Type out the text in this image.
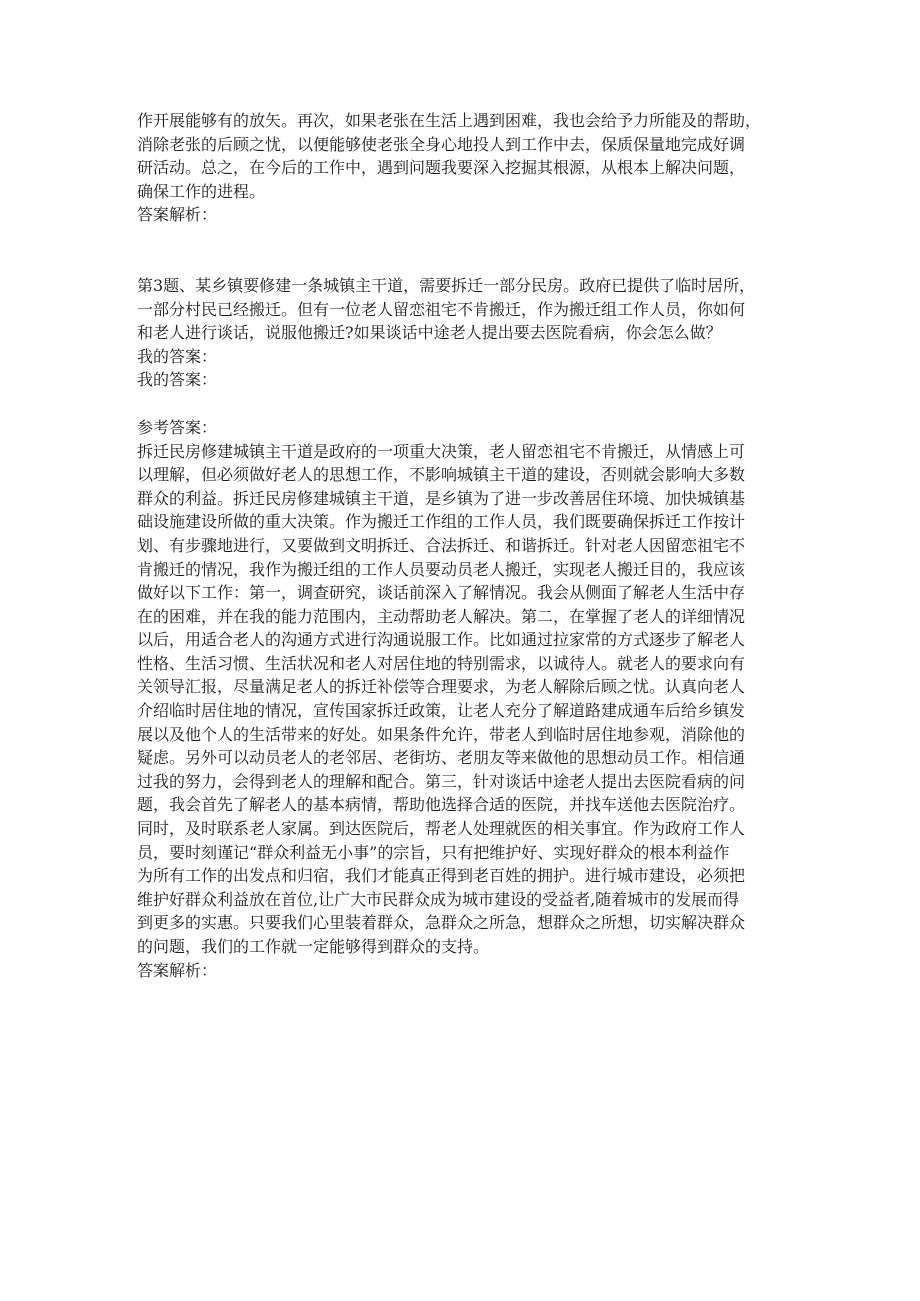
作开展能够有的放矢。再次，如果老张在生活上遇到困难，我也会给予力所能及的帮助，
消除老张的后顾之忧，以便能够使老张全身心地投人到工作中去，保质保量地完成好调
研活动。总之，在今后的工作中，遇到问题我要深入挖掘其根源，从根本上解决问题，
确保工作的进程。
答案解析：
第3题、某乡镇要修建一条城镇主干道，需要拆迁一部分民房。政府已提供了临时居所，
一部分村民已经搬迁。但有一位老人留恋祖宅不肯搬迁，作为搬迁组工作人员，你如何
和老人进行谈话，说服他搬迁?如果谈话中途老人提出要去医院看病，你会怎么做？
我的答案：
我的答案：
参考答案：
拆迁民房修建城镇主干道是政府的一项重大决策，老人留恋祖宅不肯搬迁，从情感上可
以理解，但必须做好老人的思想工作，不影响城镇主干道的建设，否则就会影响大多数
群众的利益。拆迁民房修建城镇主干道，是乡镇为了进一步改善居住环境、加快城镇基
础设施建设所做的重大决策。作为搬迁工作组的工作人员，我们既要确保拆迁工作按计
划、有步骤地进行，又要做到文明拆迁、合法拆迁、和谐拆迁。针对老人因留恋祖宅不
肯搬迁的情况，我作为搬迁组的工作人员要动员老人搬迁，实现老人搬迁目的，我应该
做好以下工作：第一，调查研究，谈话前深入了解情况。我会从侧面了解老人生活中存
在的困难，并在我的能力范围内，主动帮助老人解决。第二，在掌握了老人的详细情况
以后，用适合老人的沟通方式进行沟通说服工作。比如通过拉家常的方式逐步了解老人
性格、生活习惯、生活状况和老人对居住地的特别需求，以诚待人。就老人的要求向有
关领导汇报，尽量满足老人的拆迁补偿等合理要求，为老人解除后顾之忧。认真向老人
介绍临时居住地的情况，宣传国家拆迁政策，让老人充分了解道路建成通车后给乡镇发
展以及他个人的生活带来的好处。如果条件允许，带老人到临时居住地参观，消除他的
疑虑。另外可以动员老人的老邻居、老街坊、老朋友等来做他的思想动员工作。相信通
过我的努力，会得到老人的理解和配合。第三，针对谈话中途老人提出去医院看病的问
题，我会首先了解老人的基本病情，帮助他选择合适的医院，并找车送他去医院治疗。
同时，及时联系老人家属。到达医院后，帮老人处理就医的相关事宜。作为政府工作人
员，要时刻谨记“群众利益无小事”的宗旨，只有把维护好、实现好群众的根本利益作
为所有工作的出发点和归宿，我们才能真正得到老百姓的拥护。进行城市建设，必须把
维护好群众利益放在首位,让广大市民群众成为城市建设的受益者,随着城市的发展而得
到更多的实惠。只要我们心里装着群众，急群众之所急，想群众之所想，切实解决群众
的问题，我们的工作就一定能够得到群众的支持。
答案解析：
